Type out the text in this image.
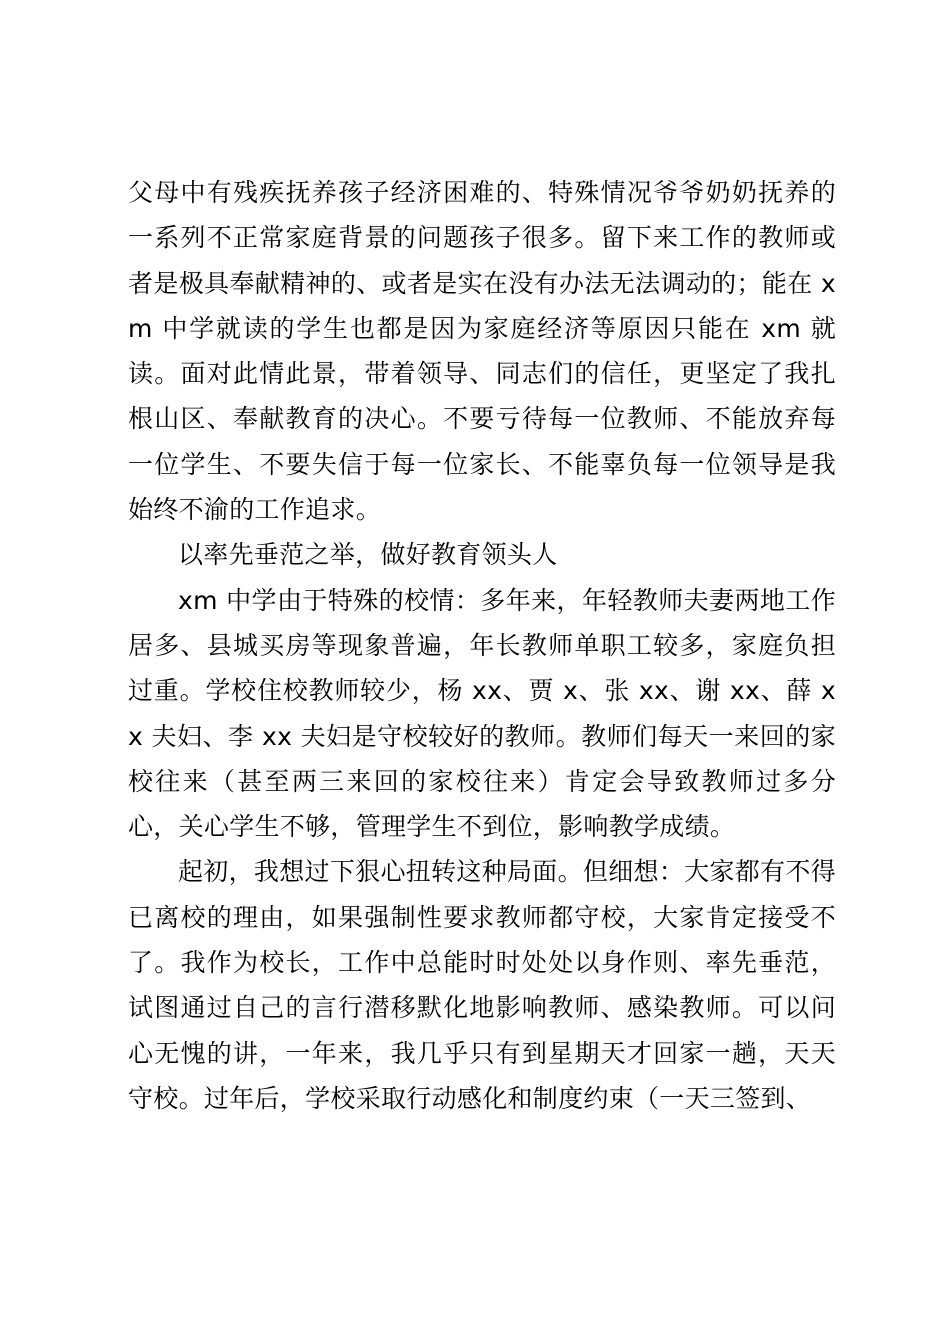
父母中有残疾抚养孩子经济困难的、特殊情况爷爷奶奶抚养的一系列不正常家庭背景的问题孩子很多。留下来工作的教师或者是极具奉献精神的、或者是实在没有办法无法调动的；能在 xm 中学就读的学生也都是因为家庭经济等原因只能在 xm 就读。面对此情此景，带着领导、同志们的信任，更坚定了我扎根山区、奉献教育的决心。不要亏待每一位教师、不能放弃每一位学生、不要失信于每一位家长、不能辜负每一位领导是我始终不渝的工作追求。

以率先垂范之举，做好教育领头人

xm 中学由于特殊的校情：多年来，年轻教师夫妻两地工作居多、县城买房等现象普遍，年长教师单职工较多，家庭负担过重。学校住校教师较少，杨 xx、贾 x、张 xx、谢 xx、薛 xx 夫妇、李 xx 夫妇是守校较好的教师。教师们每天一来回的家校往来（甚至两三来回的家校往来）肯定会导致教师过多分心，关心学生不够，管理学生不到位，影响教学成绩。

起初，我想过下狠心扭转这种局面。但细想：大家都有不得已离校的理由，如果强制性要求教师都守校，大家肯定接受不了。我作为校长，工作中总能时时处处以身作则、率先垂范，试图通过自己的言行潜移默化地影响教师、感染教师。可以问心无愧的讲，一年来，我几乎只有到星期天才回家一趟，天天守校。过年后，学校采取行动感化和制度约束（一天三签到、
